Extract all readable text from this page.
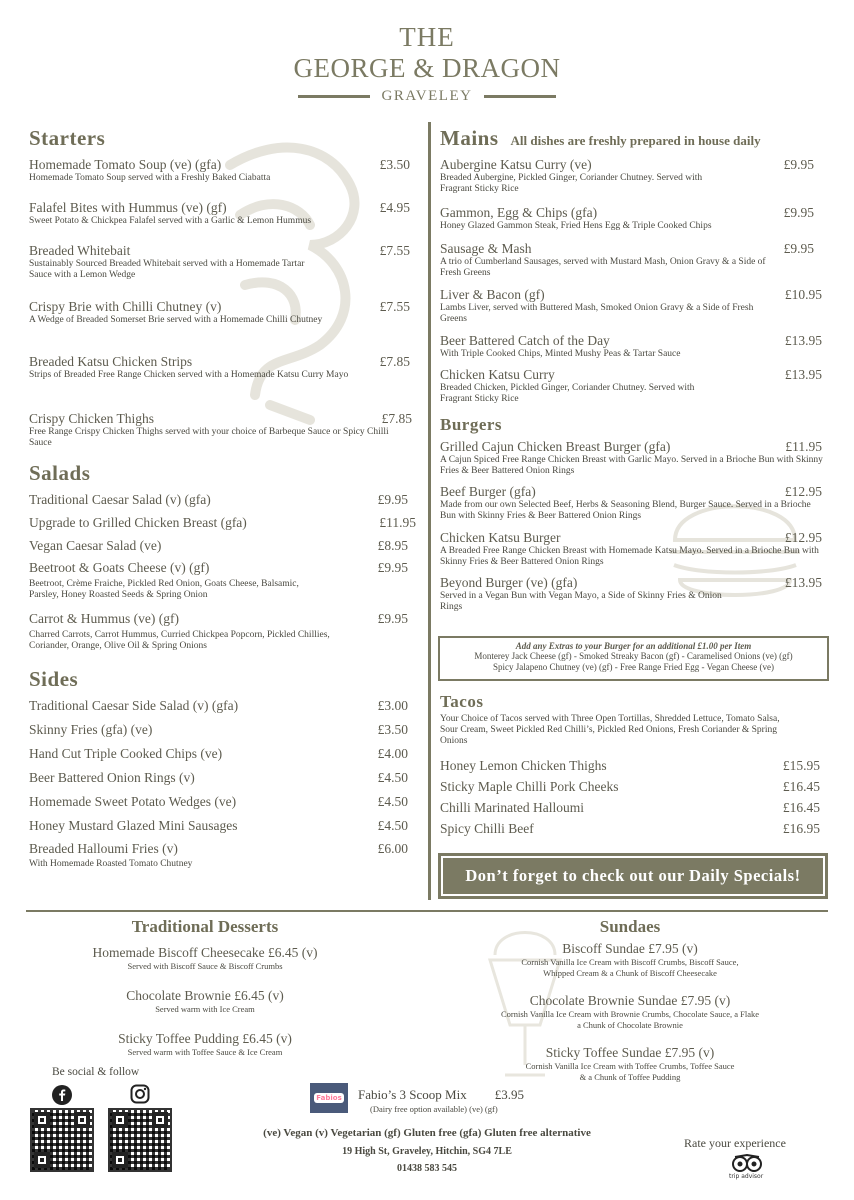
THE
GEORGE & DRAGON
GRAVELEY
Starters
Homemade Tomato Soup (ve) (gfa)	£3.50
Homemade Tomato Soup served with a Freshly Baked Ciabatta
Falafel Bites with Hummus (ve) (gf)	£4.95
Sweet Potato & Chickpea Falafel served with a Garlic & Lemon Hummus
Breaded Whitebait	£7.55
Sustainably Sourced Breaded Whitebait served with a Homemade Tartar Sauce with a Lemon Wedge
Crispy Brie with Chilli Chutney (v)	£7.55
A Wedge of Breaded Somerset Brie served with a Homemade Chilli Chutney
Breaded Katsu Chicken Strips	£7.85
Strips of Breaded Free Range Chicken served with a Homemade Katsu Curry Mayo
Crispy Chicken Thighs	£7.85
Free Range Crispy Chicken Thighs served with your choice of Barbeque Sauce or Spicy Chilli Sauce
Salads
Traditional Caesar Salad (v) (gfa)	£9.95
Upgrade to Grilled Chicken Breast (gfa)	£11.95
Vegan Caesar Salad (ve)	£8.95
Beetroot & Goats Cheese (v) (gf)	£9.95
Beetroot, Crème Fraiche, Pickled Red Onion, Goats Cheese, Balsamic, Parsley, Honey Roasted Seeds & Spring Onion
Carrot & Hummus (ve) (gf)	£9.95
Charred Carrots, Carrot Hummus, Curried Chickpea Popcorn, Pickled Chillies, Coriander, Orange, Olive Oil & Spring Onions
Sides
Traditional Caesar Side Salad (v) (gfa)	£3.00
Skinny Fries (gfa) (ve)	£3.50
Hand Cut Triple Cooked Chips (ve)	£4.00
Beer Battered Onion Rings (v)	£4.50
Homemade Sweet Potato Wedges (ve)	£4.50
Honey Mustard Glazed Mini Sausages	£4.50
Breaded Halloumi Fries (v)	£6.00
With Homemade Roasted Tomato Chutney
Mains All dishes are freshly prepared in house daily
Aubergine Katsu Curry (ve)	£9.95
Breaded Aubergine, Pickled Ginger, Coriander Chutney. Served with Fragrant Sticky Rice
Gammon, Egg & Chips (gfa)	£9.95
Honey Glazed Gammon Steak, Fried Hens Egg & Triple Cooked Chips
Sausage & Mash	£9.95
A trio of Cumberland Sausages, served with Mustard Mash, Onion Gravy & a Side of Fresh Greens
Liver & Bacon (gf)	£10.95
Lambs Liver, served with Buttered Mash, Smoked Onion Gravy & a Side of Fresh Greens
Beer Battered Catch of the Day	£13.95
With Triple Cooked Chips, Minted Mushy Peas & Tartar Sauce
Chicken Katsu Curry	£13.95
Breaded Chicken, Pickled Ginger, Coriander Chutney. Served with Fragrant Sticky Rice
Burgers
Grilled Cajun Chicken Breast Burger (gfa)	£11.95
A Cajun Spiced Free Range Chicken Breast with Garlic Mayo. Served in a Brioche Bun with Skinny Fries & Beer Battered Onion Rings
Beef Burger (gfa)	£12.95
Made from our own Selected Beef, Herbs & Seasoning Blend, Burger Sauce. Served in a Brioche Bun with Skinny Fries & Beer Battered Onion Rings
Chicken Katsu Burger	£12.95
A Breaded Free Range Chicken Breast with Homemade Katsu Mayo. Served in a Brioche Bun with Skinny Fries & Beer Battered Onion Rings
Beyond Burger (ve) (gfa)	£13.95
Served in a Vegan Bun with Vegan Mayo, a Side of Skinny Fries & Onion Rings
Add any Extras to your Burger for an additional £1.00 per Item
Monterey Jack Cheese (gf) - Smoked Streaky Bacon (gf) - Caramelised Onions (ve) (gf)
Spicy Jalapeno Chutney (ve) (gf) - Free Range Fried Egg - Vegan Cheese (ve)
Tacos
Your Choice of Tacos served with Three Open Tortillas, Shredded Lettuce, Tomato Salsa, Sour Cream, Sweet Pickled Red Chilli’s, Pickled Red Onions, Fresh Coriander & Spring Onions
Honey Lemon Chicken Thighs	£15.95
Sticky Maple Chilli Pork Cheeks	£16.45
Chilli Marinated Halloumi	£16.45
Spicy Chilli Beef	£16.95
Don’t forget to check out our Daily Specials!
Traditional Desserts
Homemade Biscoff Cheesecake £6.45 (v)
Served with Biscoff Sauce & Biscoff Crumbs
Chocolate Brownie £6.45 (v)
Served warm with Ice Cream
Sticky Toffee Pudding £6.45 (v)
Served warm with Toffee Sauce & Ice Cream
Sundaes
Biscoff Sundae £7.95 (v)
Cornish Vanilla Ice Cream with Biscoff Crumbs, Biscoff Sauce,
Whipped Cream & a Chunk of Biscoff Cheesecake
Chocolate Brownie Sundae £7.95 (v)
Cornish Vanilla Ice Cream with Brownie Crumbs, Chocolate Sauce, a Flake
a Chunk of Chocolate Brownie
Sticky Toffee Sundae £7.95 (v)
Cornish Vanilla Ice Cream with Toffee Crumbs, Toffee Sauce
& a Chunk of Toffee Pudding
Be social & follow
Fabios Fabio’s 3 Scoop Mix £3.95
(Dairy free option available) (ve) (gf)
(ve) Vegan (v) Vegetarian (gf) Gluten free (gfa) Gluten free alternative
19 High St, Graveley, Hitchin, SG4 7LE
01438 583 545
Rate your experience
trip advisor
